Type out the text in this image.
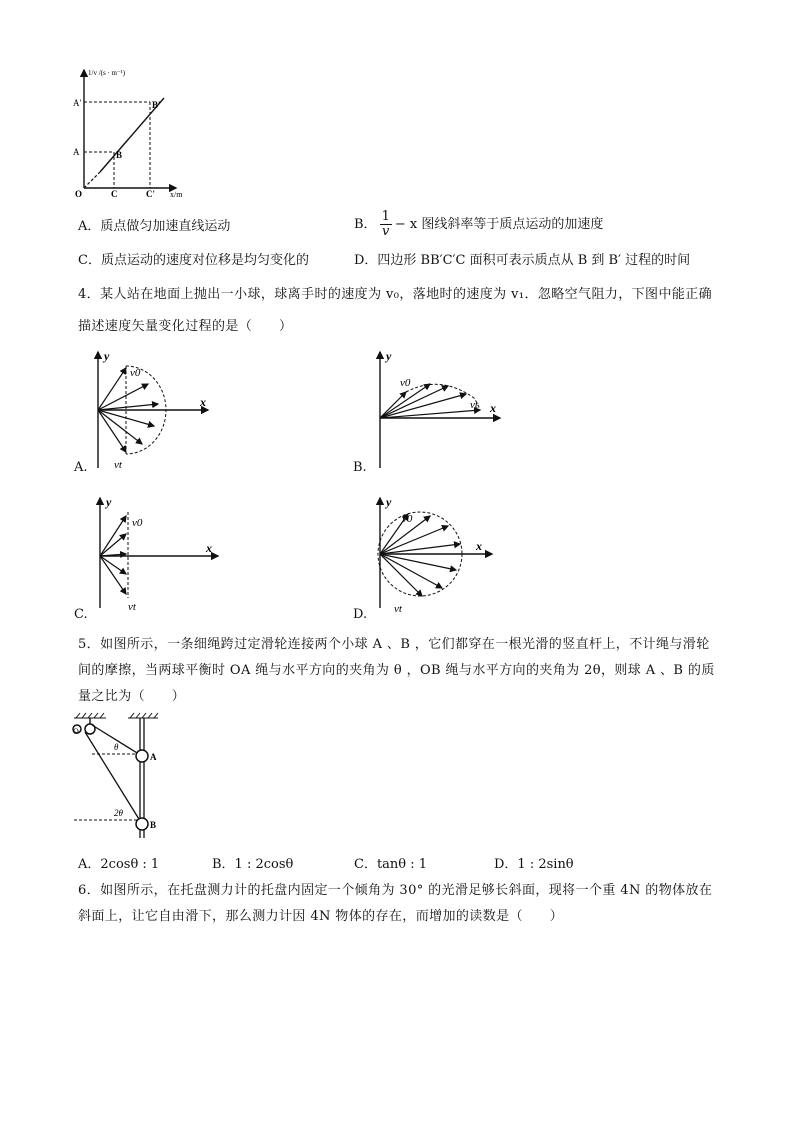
1/v /(s · m⁻¹)
x/m
A'
A	B
B'
O	C	C'
A．质点做匀加速直线运动	B． $\frac{1}{v} - x$ 图线斜率等于质点运动的加速度
C．质点运动的速度对位移是均匀变化的	D．四边形 BB′C′C 面积可表示质点从 B 到 B′ 过程的时间
4．某人站在地面上抛出一小球，球离手时的速度为 v₀，落地时的速度为 v₁．忽略空气阻力，下图中能正确
描述速度矢量变化过程的是（　　）
y
x
v0
vt
A.
y
x
v0
vt
B.
y
x
v0
vt
C.
y
x
v0
vt
D.
5．如图所示，一条细绳跨过定滑轮连接两个小球 A 、B ，它们都穿在一根光滑的竖直杆上，不计绳与滑轮
间的摩擦，当两球平衡时 OA 绳与水平方向的夹角为 θ ，OB 绳与水平方向的夹角为 2θ，则球 A 、B 的质
量之比为（　　）
O
θ
2θ
A
B
A．2cosθ : 1	B．1 : 2cosθ	C．tanθ : 1	D．1 : 2sinθ
6．如图所示，在托盘测力计的托盘内固定一个倾角为 30° 的光滑足够长斜面，现将一个重 4N 的物体放在
斜面上，让它自由滑下，那么测力计因 4N 物体的存在，而增加的读数是（　　）
